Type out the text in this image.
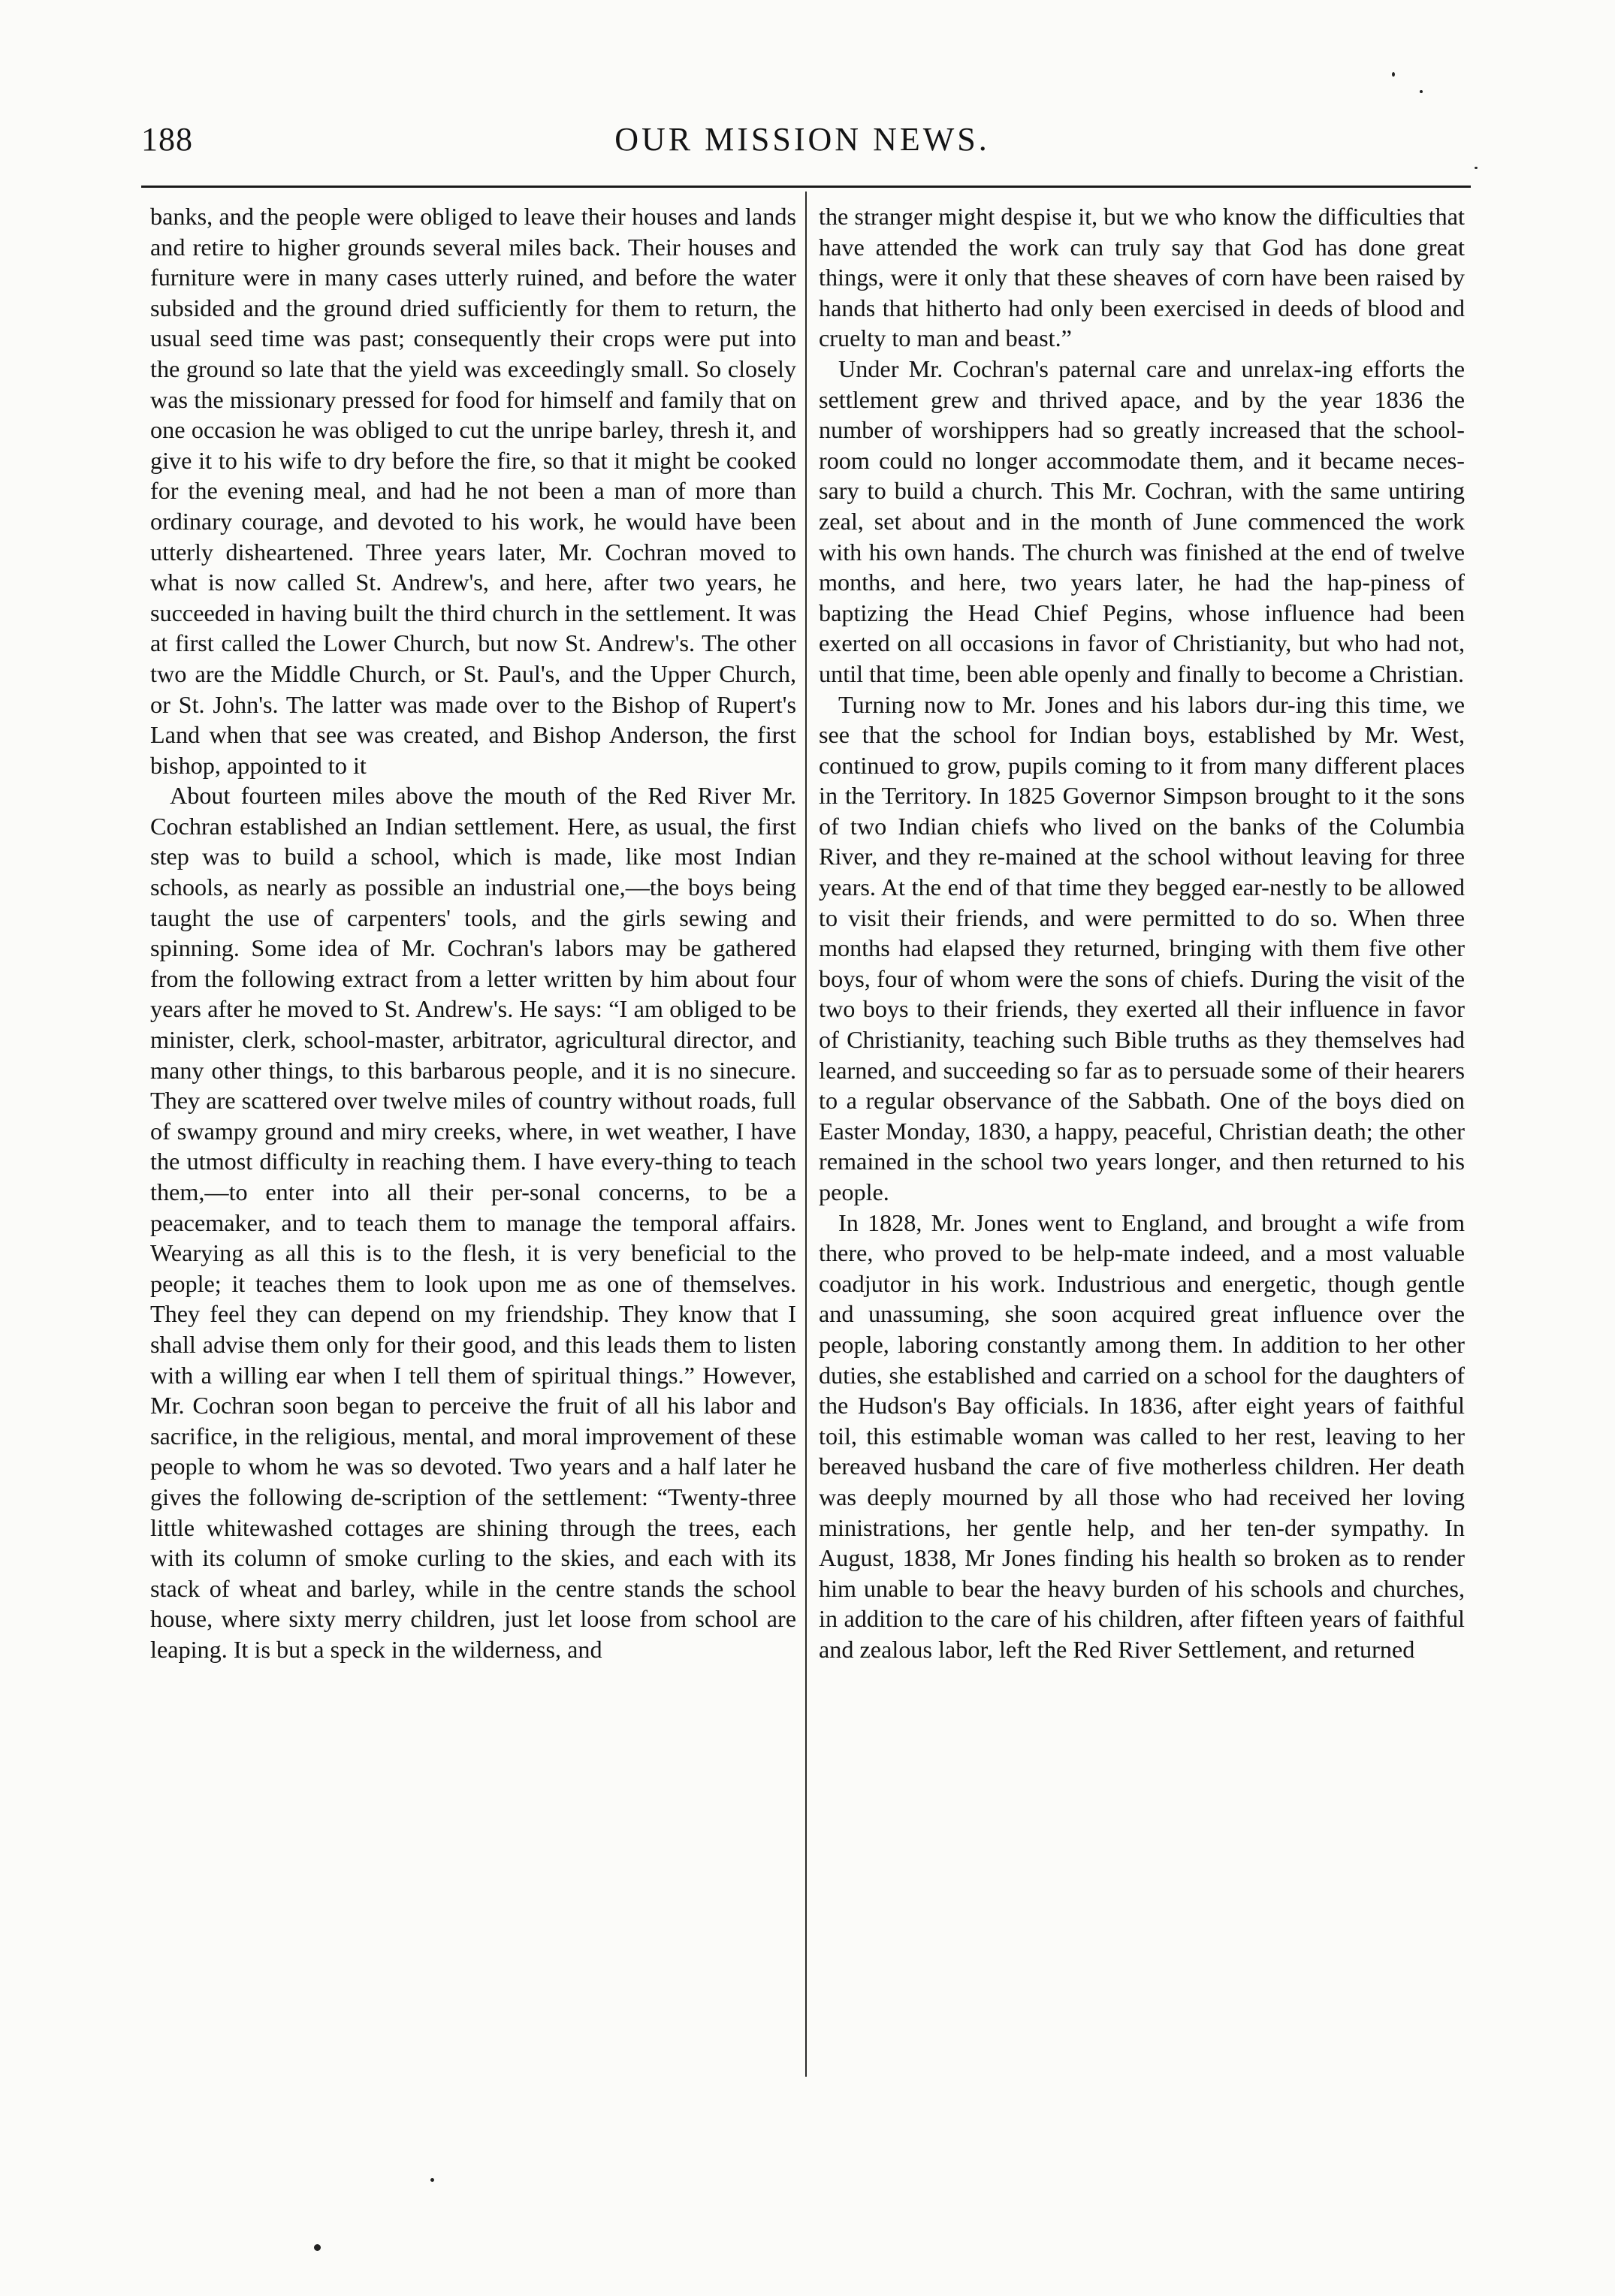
188	OUR MISSION NEWS.

banks, and the people were obliged to leave their houses and lands and retire to higher grounds several miles back. Their houses and furniture were in many cases utterly ruined, and before the water subsided and the ground dried sufficiently for them to return, the usual seed time was past; consequently their crops were put into the ground so late that the yield was exceedingly small. So closely was the missionary pressed for food for himself and family that on one occasion he was obliged to cut the unripe barley, thresh it, and give it to his wife to dry before the fire, so that it might be cooked for the evening meal, and had he not been a man of more than ordinary courage, and devoted to his work, he would have been utterly disheartened. Three years later, Mr. Cochran moved to what is now called St. Andrew's, and here, after two years, he succeeded in having built the third church in the settlement. It was at first called the Lower Church, but now St. Andrew's. The other two are the Middle Church, or St. Paul's, and the Upper Church, or St. John's. The latter was made over to the Bishop of Rupert's Land when that see was created, and Bishop Anderson, the first bishop, appointed to it

About fourteen miles above the mouth of the Red River Mr. Cochran established an Indian settlement. Here, as usual, the first step was to build a school, which is made, like most Indian schools, as nearly as possible an industrial one,—the boys being taught the use of carpenters' tools, and the girls sewing and spinning. Some idea of Mr. Cochran's labors may be gathered from the following extract from a letter written by him about four years after he moved to St. Andrew's. He says: “I am obliged to be minister, clerk, school-master, arbitrator, agricultural director, and many other things, to this barbarous people, and it is no sinecure. They are scattered over twelve miles of country without roads, full of swampy ground and miry creeks, where, in wet weather, I have the utmost difficulty in reaching them. I have every-thing to teach them,—to enter into all their per-sonal concerns, to be a peacemaker, and to teach them to manage the temporal affairs. Wearying as all this is to the flesh, it is very beneficial to the people; it teaches them to look upon me as one of themselves. They feel they can depend on my friendship. They know that I shall advise them only for their good, and this leads them to listen with a willing ear when I tell them of spiritual things.” However, Mr. Cochran soon began to perceive the fruit of all his labor and sacrifice, in the religious, mental, and moral improvement of these people to whom he was so devoted. Two years and a half later he gives the following de-scription of the settlement: “Twenty-three little whitewashed cottages are shining through the trees, each with its column of smoke curling to the skies, and each with its stack of wheat and barley, while in the centre stands the school house, where sixty merry children, just let loose from school are leaping. It is but a speck in the wilderness, and

the stranger might despise it, but we who know the difficulties that have attended the work can truly say that God has done great things, were it only that these sheaves of corn have been raised by hands that hitherto had only been exercised in deeds of blood and cruelty to man and beast.”

Under Mr. Cochran's paternal care and unrelax-ing efforts the settlement grew and thrived apace, and by the year 1836 the number of worshippers had so greatly increased that the school-room could no longer accommodate them, and it became neces-sary to build a church. This Mr. Cochran, with the same untiring zeal, set about and in the month of June commenced the work with his own hands. The church was finished at the end of twelve months, and here, two years later, he had the hap-piness of baptizing the Head Chief Pegins, whose influence had been exerted on all occasions in favor of Christianity, but who had not, until that time, been able openly and finally to become a Christian.

Turning now to Mr. Jones and his labors dur-ing this time, we see that the school for Indian boys, established by Mr. West, continued to grow, pupils coming to it from many different places in the Territory. In 1825 Governor Simpson brought to it the sons of two Indian chiefs who lived on the banks of the Columbia River, and they re-mained at the school without leaving for three years. At the end of that time they begged ear-nestly to be allowed to visit their friends, and were permitted to do so. When three months had elapsed they returned, bringing with them five other boys, four of whom were the sons of chiefs. During the visit of the two boys to their friends, they exerted all their influence in favor of Christianity, teaching such Bible truths as they themselves had learned, and succeeding so far as to persuade some of their hearers to a regular observance of the Sabbath. One of the boys died on Easter Monday, 1830, a happy, peaceful, Christian death; the other remained in the school two years longer, and then returned to his people.

In 1828, Mr. Jones went to England, and brought a wife from there, who proved to be help-mate indeed, and a most valuable coadjutor in his work. Industrious and energetic, though gentle and unassuming, she soon acquired great influence over the people, laboring constantly among them. In addition to her other duties, she established and carried on a school for the daughters of the Hudson's Bay officials. In 1836, after eight years of faithful toil, this estimable woman was called to her rest, leaving to her bereaved husband the care of five motherless children. Her death was deeply mourned by all those who had received her loving ministrations, her gentle help, and her ten-der sympathy. In August, 1838, Mr Jones finding his health so broken as to render him unable to bear the heavy burden of his schools and churches, in addition to the care of his children, after fifteen years of faithful and zealous labor, left the Red River Settlement, and returned
